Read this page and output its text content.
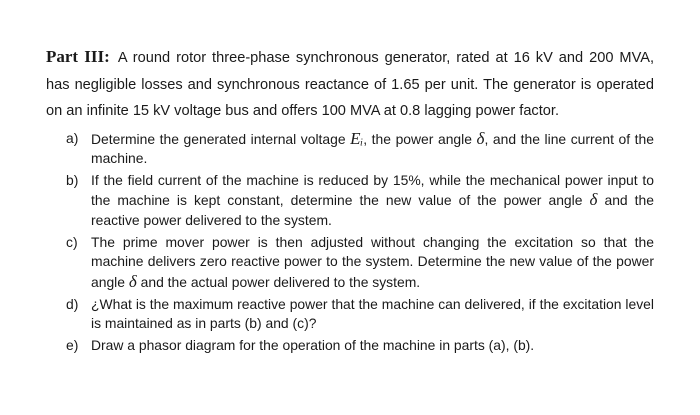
Part III: A round rotor three-phase synchronous generator, rated at 16 kV and 200 MVA, has negligible losses and synchronous reactance of 1.65 per unit. The generator is operated on an infinite 15 kV voltage bus and offers 100 MVA at 0.8 lagging power factor.

a) Determine the generated internal voltage Eᵢ, the power angle δ, and the line current of the machine.
b) If the field current of the machine is reduced by 15%, while the mechanical power input to the machine is kept constant, determine the new value of the power angle δ and the reactive power delivered to the system.
c) The prime mover power is then adjusted without changing the excitation so that the machine delivers zero reactive power to the system. Determine the new value of the power angle δ and the actual power delivered to the system.
d) ¿What is the maximum reactive power that the machine can delivered, if the excitation level is maintained as in parts (b) and (c)?
e) Draw a phasor diagram for the operation of the machine in parts (a), (b).
